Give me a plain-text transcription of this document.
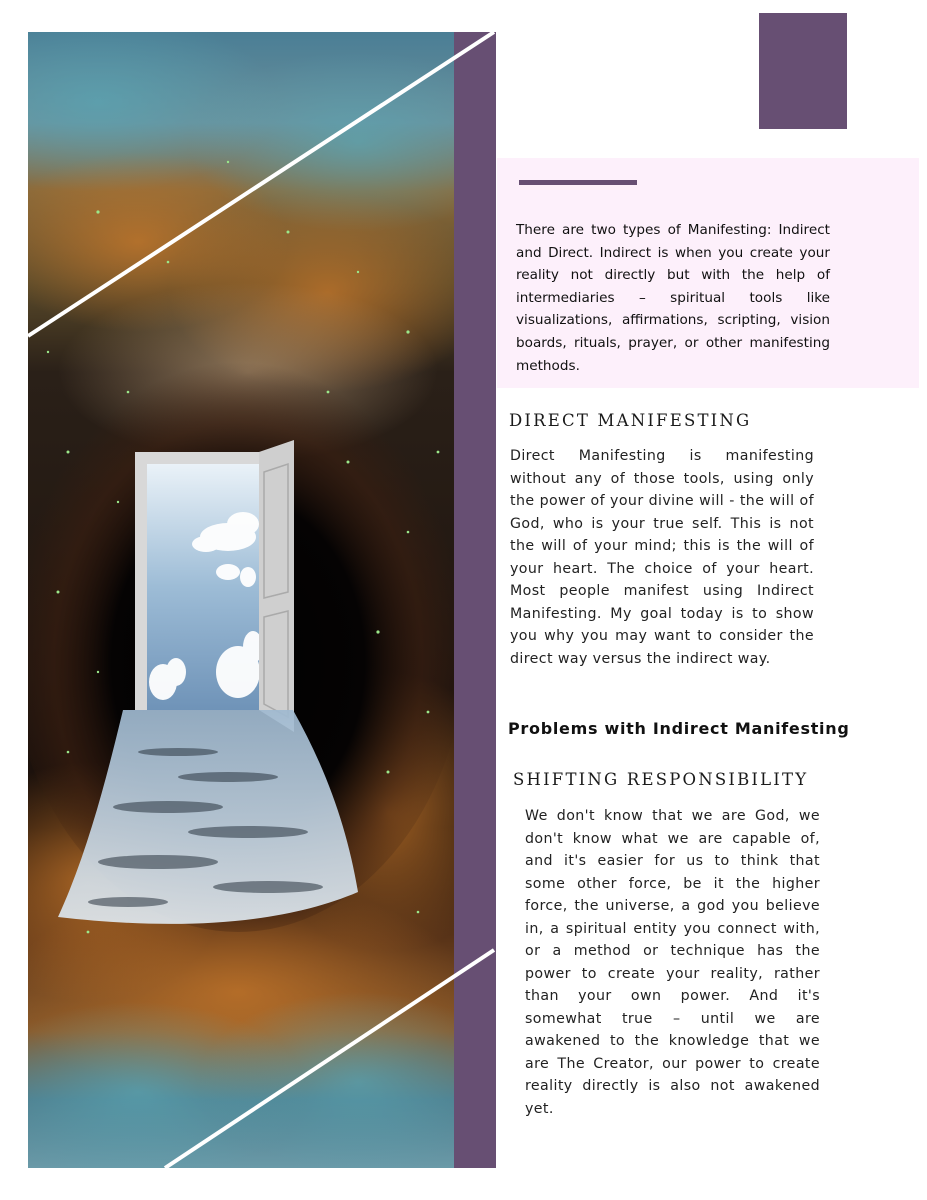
There are two types of Manifesting: Indirect and Direct. Indirect is when you create your reality not directly but with the help of intermediaries – spiritual tools like visualizations, affirmations, scripting, vision boards, rituals, prayer, or other manifesting methods.

DIRECT MANIFESTING

Direct Manifesting is manifesting without any of those tools, using only the power of your divine will - the will of God, who is your true self. This is not the will of your mind; this is the will of your heart. The choice of your heart. Most people manifest using Indirect Manifesting. My goal today is to show you why you may want to consider the direct way versus the indirect way.

Problems with Indirect Manifesting
SHIFTING RESPONSIBILITY

We don't know that we are God, we don't know what we are capable of, and it's easier for us to think that some other force, be it the higher force, the universe, a god you believe in, a spiritual entity you connect with, or a method or technique has the power to create your reality, rather than your own power. And it's somewhat true – until we are awakened to the knowledge that we are The Creator, our power to create reality directly is also not awakened yet.
